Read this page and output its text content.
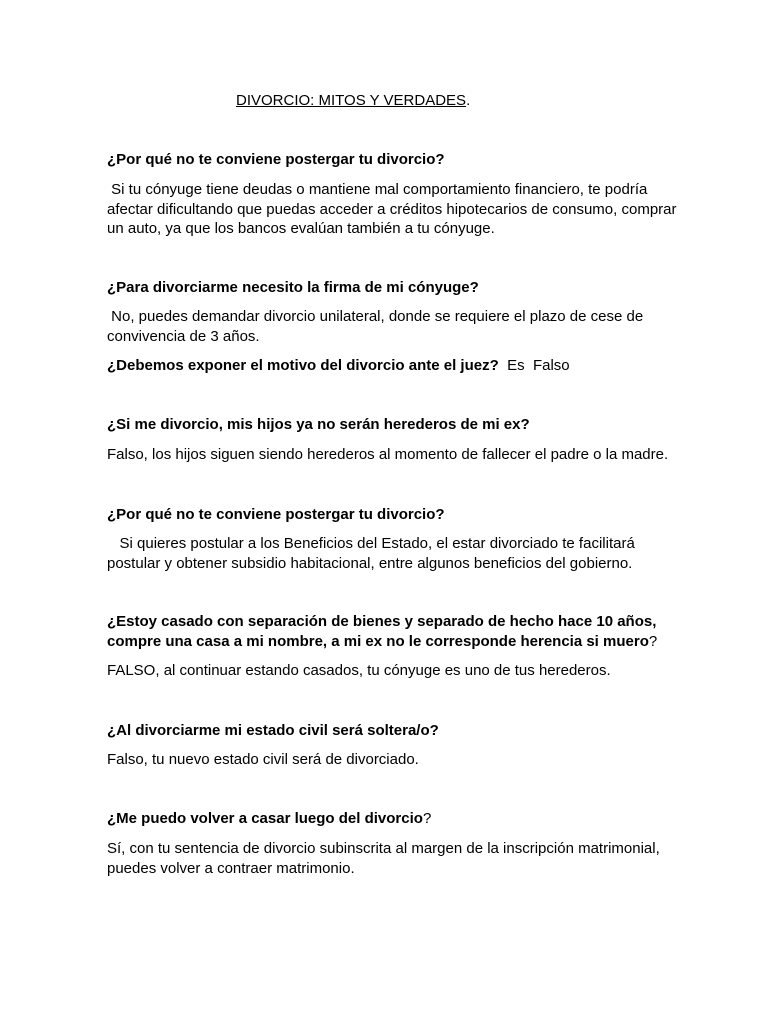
DIVORCIO: MITOS Y VERDADES.
¿Por qué no te conviene postergar tu divorcio?
Si tu cónyuge tiene deudas o mantiene mal comportamiento financiero, te podría
afectar dificultando que puedas acceder a créditos hipotecarios de consumo, comprar
un auto, ya que los bancos evalúan también a tu cónyuge.
¿Para divorciarme necesito la firma de mi cónyuge?
No, puedes demandar divorcio unilateral, donde se requiere el plazo de cese de
convivencia de 3 años.
¿Debemos exponer el motivo del divorcio ante el juez?  Es  Falso
¿Si me divorcio, mis hijos ya no serán herederos de mi ex?
Falso, los hijos siguen siendo herederos al momento de fallecer el padre o la madre.
¿Por qué no te conviene postergar tu divorcio?
Si quieres postular a los Beneficios del Estado, el estar divorciado te facilitará
postular y obtener subsidio habitacional, entre algunos beneficios del gobierno.
¿Estoy casado con separación de bienes y separado de hecho hace 10 años,
compre una casa a mi nombre, a mi ex no le corresponde herencia si muero?
FALSO, al continuar estando casados, tu cónyuge es uno de tus herederos.
¿Al divorciarme mi estado civil será soltera/o?
Falso, tu nuevo estado civil será de divorciado.
¿Me puedo volver a casar luego del divorcio?
Sí, con tu sentencia de divorcio subinscrita al margen de la inscripción matrimonial,
puedes volver a contraer matrimonio.
